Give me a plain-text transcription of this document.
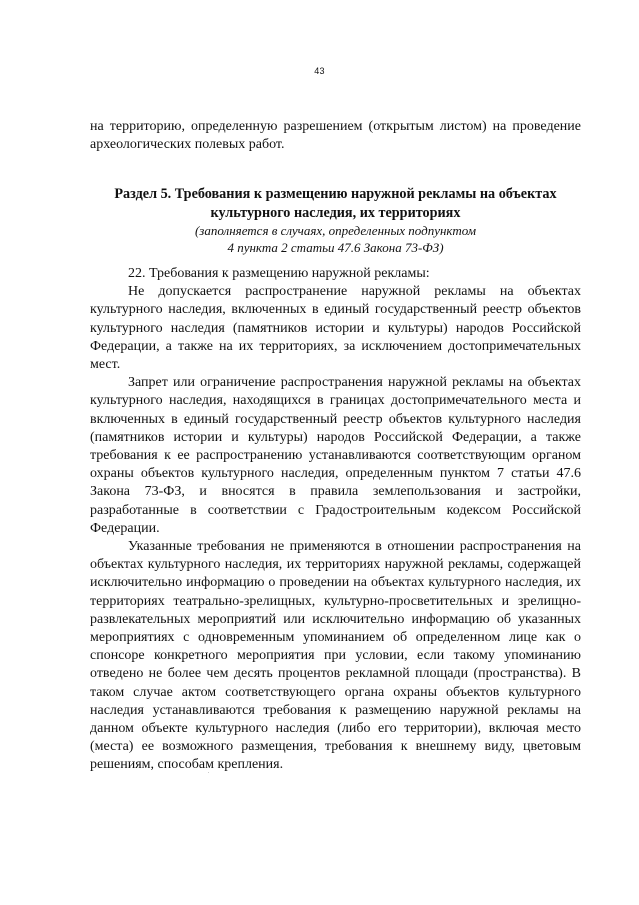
43

на территорию, определенную разрешением (открытым листом) на проведение археологических полевых работ.

Раздел 5. Требования к размещению наружной рекламы на объектах

культурного наследия, их территориях

(заполняется в случаях, определенных подпунктом

4 пункта 2 статьи 47.6 Закона 73-ФЗ)

22. Требования к размещению наружной рекламы:

Не допускается распространение наружной рекламы на объектах культурного наследия, включенных в единый государственный реестр объектов культурного наследия (памятников истории и культуры) народов Российской Федерации, а также на их территориях, за исключением достопримечательных мест.

Запрет или ограничение распространения наружной рекламы на объектах культурного наследия, находящихся в границах достопримечательного места и включенных в единый государственный реестр объектов культурного наследия (памятников истории и культуры) народов Российской Федерации, а также требования к ее распространению устанавливаются соответствующим органом охраны объектов культурного наследия, определенным пунктом 7 статьи 47.6 Закона 73-ФЗ, и вносятся в правила землепользования и застройки, разработанные в соответствии с Градостроительным кодексом Российской Федерации.

Указанные требования не применяются в отношении распространения на объектах культурного наследия, их территориях наружной рекламы, содержащей исключительно информацию о проведении на объектах культурного наследия, их территориях театрально-зрелищных, культурно-просветительных и зрелищно-развлекательных мероприятий или исключительно информацию об указанных мероприятиях с одновременным упоминанием об определенном лице как о спонсоре конкретного мероприятия при условии, если такому упоминанию отведено не более чем десять процентов рекламной площади (пространства). В таком случае актом соответствующего органа охраны объектов культурного наследия устанавливаются требования к размещению наружной рекламы на данном объекте культурного наследия (либо его территории), включая место (места) ее возможного размещения, требования к внешнему виду, цветовым решениям, способам крепления.
